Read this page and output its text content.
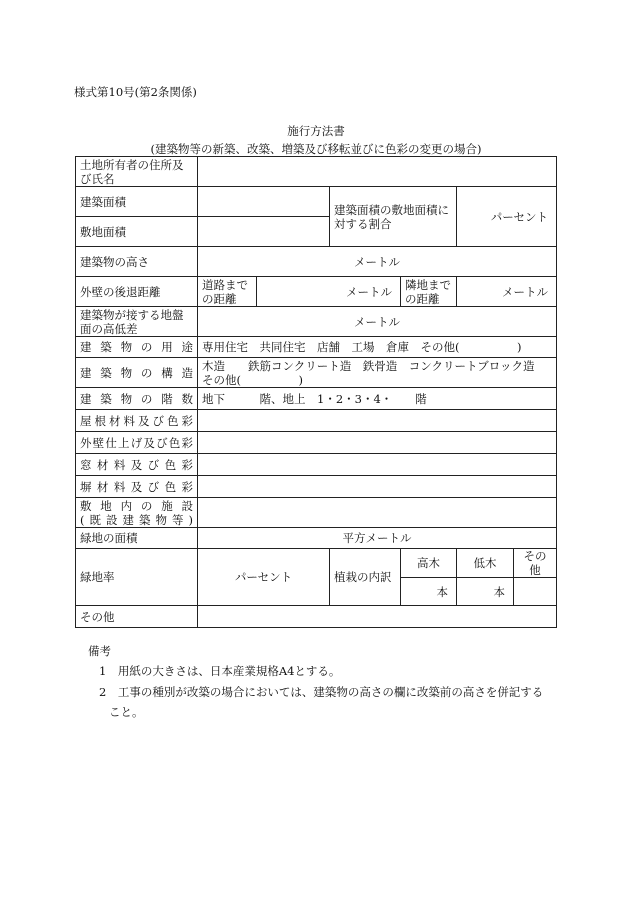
様式第10号(第2条関係)
施行方法書
(建築物等の新築、改築、増築及び移転並びに色彩の変更の場合)
土地所有者の住所及び氏名						
建築面積			建築面積の敷地面積に対する割合		パーセント	
敷地面積						
建築物の高さ	メートル					
外壁の後退距離	道路までの距離	メートル		隣地までの距離	メートル	
建築物が接する地盤面の高低差	メートル					
建築物の用途	専用住宅　共同住宅　店舗　工場　倉庫　その他(　　　　　)					
建築物の構造	木造　　鉄筋コンクリート造　鉄骨造　コンクリートブロック造
その他(　　　　　)					

建築物の階数	地下　　　階、地上　1・2・3・4・　　階					
屋根材料及び色彩						
外壁仕上げ及び色彩						
窓材料及び色彩						
塀材料及び色彩						

敷地内の施設
(既設建築物等)						

緑地の面積	平方メートル					
緑地率	パーセント		植栽の内訳	高木	低木	その他
				本	本	
その他						
備考
1　用紙の大きさは、日本産業規格A4とする。
2　工事の種別が改築の場合においては、建築物の高さの欄に改築前の高さを併記する
こと。
